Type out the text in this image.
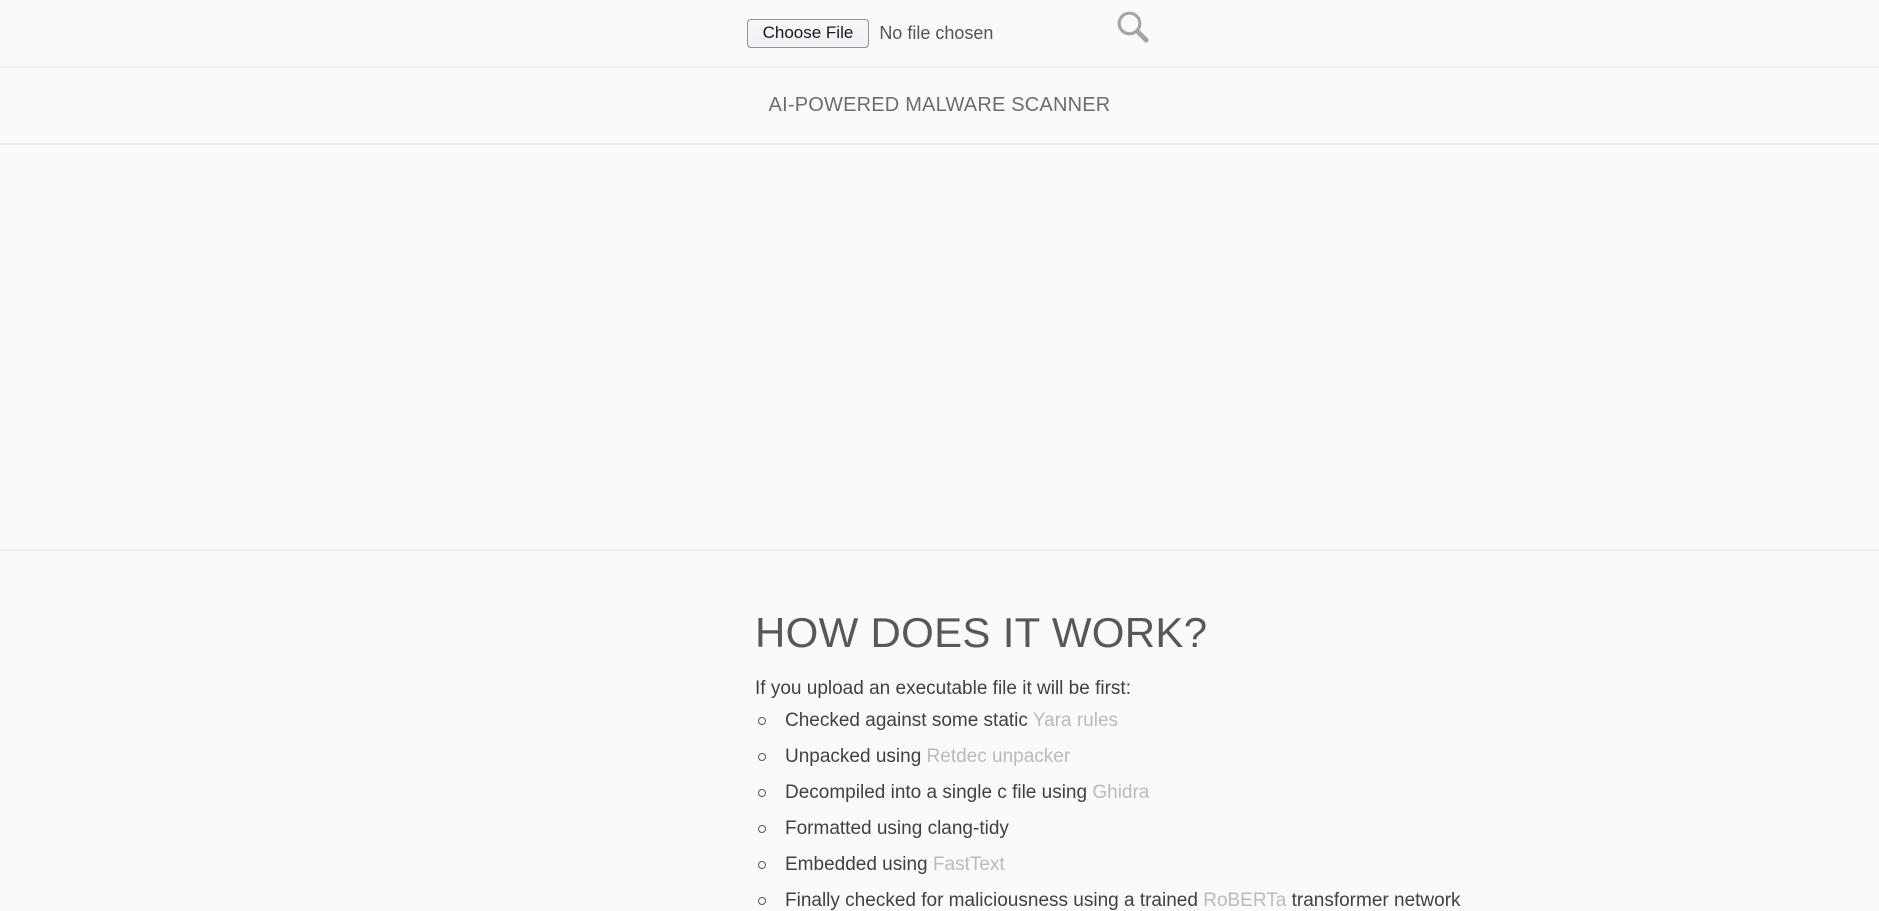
Choose File	No file chosen
AI-POWERED MALWARE SCANNER
HOW DOES IT WORK?

If you upload an executable file it will be first:

Checked against some static Yara rules
Unpacked using Retdec unpacker
Decompiled into a single c file using Ghidra
Formatted using clang-tidy
Embedded using FastText
Finally checked for maliciousness using a trained RoBERTa transformer network
